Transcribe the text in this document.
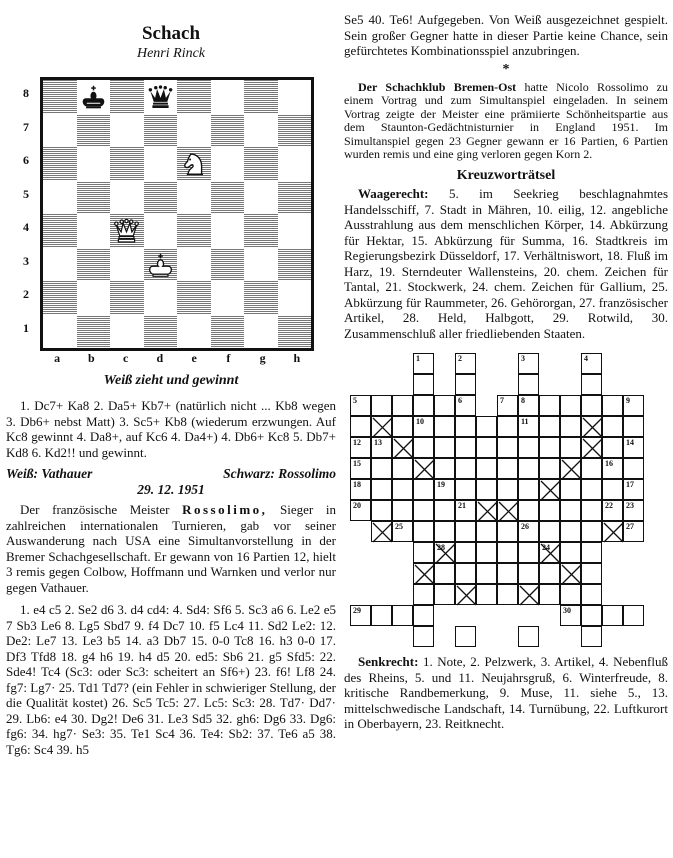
Schach
Henri Rinck
8
7
6
5
4
3
2
1
a	b	c	d	e	f	g	h
Weiß zieht und gewinnt

1. Dc7+ Ka8 2. Da5+ Kb7+ (natürlich nicht ... Kb8 wegen 3. Db6+ nebst Matt) 3. Sc5+ Kb8 (wiederum erzwungen. Auf Kc8 gewinnt 4. Da8+, auf Kc6 4. Da4+) 4. Db6+ Kc8 5. Db7+ Kd8 6. Kd2!! und gewinnt.

Weiß: Vathauer	Schwarz: Rossolimo
29. 12. 1951

Der französische Meister Rossolimo, Sieger in zahlreichen internationalen Turnieren, gab vor seiner Auswanderung nach USA eine Simultanvorstellung in der Bremer Schachgesellschaft. Er gewann von 16 Partien 12, hielt 3 remis gegen Colbow, Hoffmann und Warnken und verlor nur gegen Vathauer.

1. e4 c5 2. Se2 d6 3. d4 cd4: 4. Sd4: Sf6 5. Sc3 a6 6. Le2 e5 7 Sb3 Le6 8. Lg5 Sbd7 9. f4 Dc7 10. f5 Lc4 11. Sd2 Le2: 12. De2: Le7 13. Le3 b5 14. a3 Db7 15. 0-0 Tc8 16. h3 0-0 17. Df3 Tfd8 18. g4 h6 19. h4 d5 20. ed5: Sb6 21. g5 Sfd5: 22. Sde4! Tc4 (Sc3: oder Sc3: scheitert an Sf6+) 23. f6! Lf8 24. fg7: Lg7· 25. Td1 Td7? (ein Fehler in schwieriger Stellung, der die Qualität kostet) 26. Sc5 Tc5: 27. Lc5: Sc3: 28. Td7· Dd7· 29. Lb6: e4 30. Dg2! De6 31. Le3 Sd5 32. gh6: Dg6 33. Dg6: fg6: 34. hg7· Se3: 35. Te1 Sc4 36. Te4: Sb2: 37. Te6 a5 38. Tg6: Sc4 39. h5

Se5 40. Te6! Aufgegeben. Von Weiß ausgezeichnet gespielt. Sein großer Gegner hatte in dieser Partie keine Chance, sein gefürchtetes Kombinationsspiel anzubringen.

*

Der Schachklub Bremen-Ost hatte Nicolo Rossolimo zu einem Vortrag und zum Simultanspiel eingeladen. In seinem Vortrag zeigte der Meister eine prämiierte Schönheitspartie aus dem Staunton-Gedächtnisturnier in England 1951. Im Simultanspiel gegen 23 Gegner gewann er 16 Partien, 6 Partien wurden remis und eine ging verloren gegen Korn 2.

Kreuzworträtsel

Waagerecht: 5. im Seekrieg beschlagnahmtes Handelsschiff, 7. Stadt in Mähren, 10. eilig, 12. angebliche Ausstrahlung aus dem menschlichen Körper, 14. Abkürzung für Hektar, 15. Abkürzung für Summa, 16. Stadtkreis im Regierungsbezirk Düsseldorf, 17. Verhältniswort, 18. Fluß im Harz, 19. Sterndeuter Wallensteins, 20. chem. Zeichen für Tantal, 21. Stockwerk, 24. chem. Zeichen für Gallium, 25. Abkürzung für Raummeter, 26. Gehörorgan, 27. französischer Artikel, 28. Held, Halbgott, 29. Rotwild, 30. Zusammenschluß aller friedliebenden Staaten.

1	2	3	4
5	6	7 8	9
10	11
12 13	14
15	16
18	19	17
20	21	22 23
25	26	27
28	24
29	30

Senkrecht: 1. Note, 2. Pelzwerk, 3. Artikel, 4. Nebenfluß des Rheins, 5. und 11. Neujahrsgruß, 6. Winterfreude, 8. kritische Randbemerkung, 9. Muse, 11. siehe 5., 13. mittelschwedische Landschaft, 14. Turnübung, 22. Luftkurort in Oberbayern, 23. Reitknecht.
